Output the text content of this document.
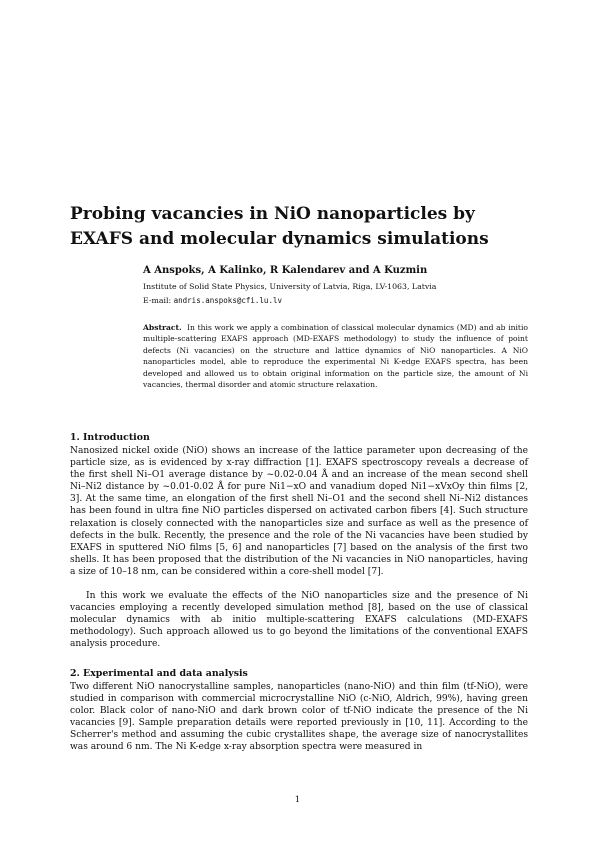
Probing vacancies in NiO nanoparticles by EXAFS and molecular dynamics simulations

A Anspoks, A Kalinko, R Kalendarev and A Kuzmin

Institute of Solid State Physics, University of Latvia, Riga, LV-1063, Latvia

E-mail: andris.anspoks@cfi.lu.lv

Abstract. In this work we apply a combination of classical molecular dynamics (MD) and ab initio multiple-scattering EXAFS approach (MD-EXAFS methodology) to study the influence of point defects (Ni vacancies) on the structure and lattice dynamics of NiO nanoparticles. A NiO nanoparticles model, able to reproduce the experimental Ni K-edge EXAFS spectra, has been developed and allowed us to obtain original information on the particle size, the amount of Ni vacancies, thermal disorder and atomic structure relaxation.

1. Introduction

Nanosized nickel oxide (NiO) shows an increase of the lattice parameter upon decreasing of the particle size, as is evidenced by x-ray diffraction [1]. EXAFS spectroscopy reveals a decrease of the first shell Ni–O1 average distance by ~0.02-0.04 Å and an increase of the mean second shell Ni–Ni2 distance by ~0.01-0.02 Å for pure Ni1−xO and vanadium doped Ni1−xVxOy thin films [2, 3]. At the same time, an elongation of the first shell Ni–O1 and the second shell Ni–Ni2 distances has been found in ultra fine NiO particles dispersed on activated carbon fibers [4]. Such structure relaxation is closely connected with the nanoparticles size and surface as well as the presence of defects in the bulk. Recently, the presence and the role of the Ni vacancies have been studied by EXAFS in sputtered NiO films [5, 6] and nanoparticles [7] based on the analysis of the first two shells. It has been proposed that the distribution of the Ni vacancies in NiO nanoparticles, having a size of 10–18 nm, can be considered within a core-shell model [7].

In this work we evaluate the effects of the NiO nanoparticles size and the presence of Ni vacancies employing a recently developed simulation method [8], based on the use of classical molecular dynamics with ab initio multiple-scattering EXAFS calculations (MD-EXAFS methodology). Such approach allowed us to go beyond the limitations of the conventional EXAFS analysis procedure.

2. Experimental and data analysis

Two different NiO nanocrystalline samples, nanoparticles (nano-NiO) and thin film (tf-NiO), were studied in comparison with commercial microcrystalline NiO (c-NiO, Aldrich, 99%), having green color. Black color of nano-NiO and dark brown color of tf-NiO indicate the presence of the Ni vacancies [9]. Sample preparation details were reported previously in [10, 11]. According to the Scherrer's method and assuming the cubic crystallites shape, the average size of nanocrystallites was around 6 nm. The Ni K-edge x-ray absorption spectra were measured in

1
